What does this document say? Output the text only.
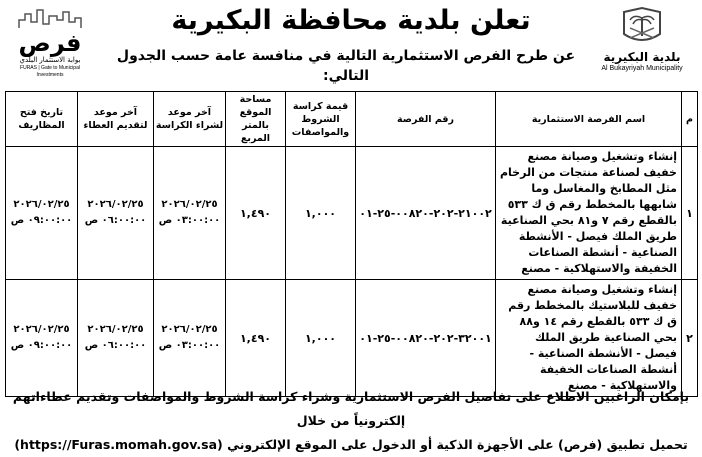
بلدية البكيرية
Al Bukayriyah Municipality
تعلن بلدية محافظة البكيرية
عن طرح الفرص الاستثمارية التالية في منافسة عامة حسب الجدول التالي:
فرص
بوابة الاستثمار البلدي
FURAS | Gate to Municipal Investments
م	اسم الفرصة الاستثمارية	رقم الفرصة	قيمة كراسة الشروط والمواصفات	مساحة الموقع بالمتر المربع	آخر موعد لشراء الكراسة	آخر موعد لتقديم العطاء	تاريخ فتح المظاريف
١	إنشاء وتشغيل وصيانة مصنع خفيف لصناعة منتجات من الرخام مثل المطابخ والمغاسل وما شابهها بالمخطط رقم ق ك ٥٣٣ بالقطع رقم ٧ و٨١ بحي الصناعية طريق الملك فيصل - الأنشطة الصناعية - أنشطة الصناعات الخفيفة والاستهلاكية - مصنع	٢١٠٠٢-٢٠٢-٠٠٨٢٠-٢٥-٠١	١,٠٠٠	١,٤٩٠	٢٠٢٦/٠٢/٢٥ ٠٣:٠٠:٠٠ ص	٢٠٢٦/٠٢/٢٥ ٠٦:٠٠:٠٠ ص	٢٠٢٦/٠٢/٢٥ ٠٩:٠٠:٠٠ ص
٢	إنشاء وتشغيل وصيانة مصنع خفيف للبلاستيك بالمخطط رقم ق ك ٥٣٣ بالقطع رقم ١٤ و٨٨ بحي الصناعية طريق الملك فيصل - الأنشطة الصناعية - أنشطة الصناعات الخفيفة والاستهلاكية - مصنع	٣٢٠٠١-٢٠٢-٠٠٨٢٠-٢٥-٠١	١,٠٠٠	١,٤٩٠	٢٠٢٦/٠٢/٢٥ ٠٣:٠٠:٠٠ ص	٢٠٢٦/٠٢/٢٥ ٠٦:٠٠:٠٠ ص	٢٠٢٦/٠٢/٢٥ ٠٩:٠٠:٠٠ ص
بإمكان الراغبين الاطلاع على تفاصيل الفرص الاستثمارية وشراء كراسة الشروط والمواصفات وتقديم عطاءاتهم إلكترونياً من خلال
تحميل تطبيق (فرص) على الأجهزة الذكية أو الدخول على الموقع الإلكتروني (https://Furas.momah.gov.sa)
